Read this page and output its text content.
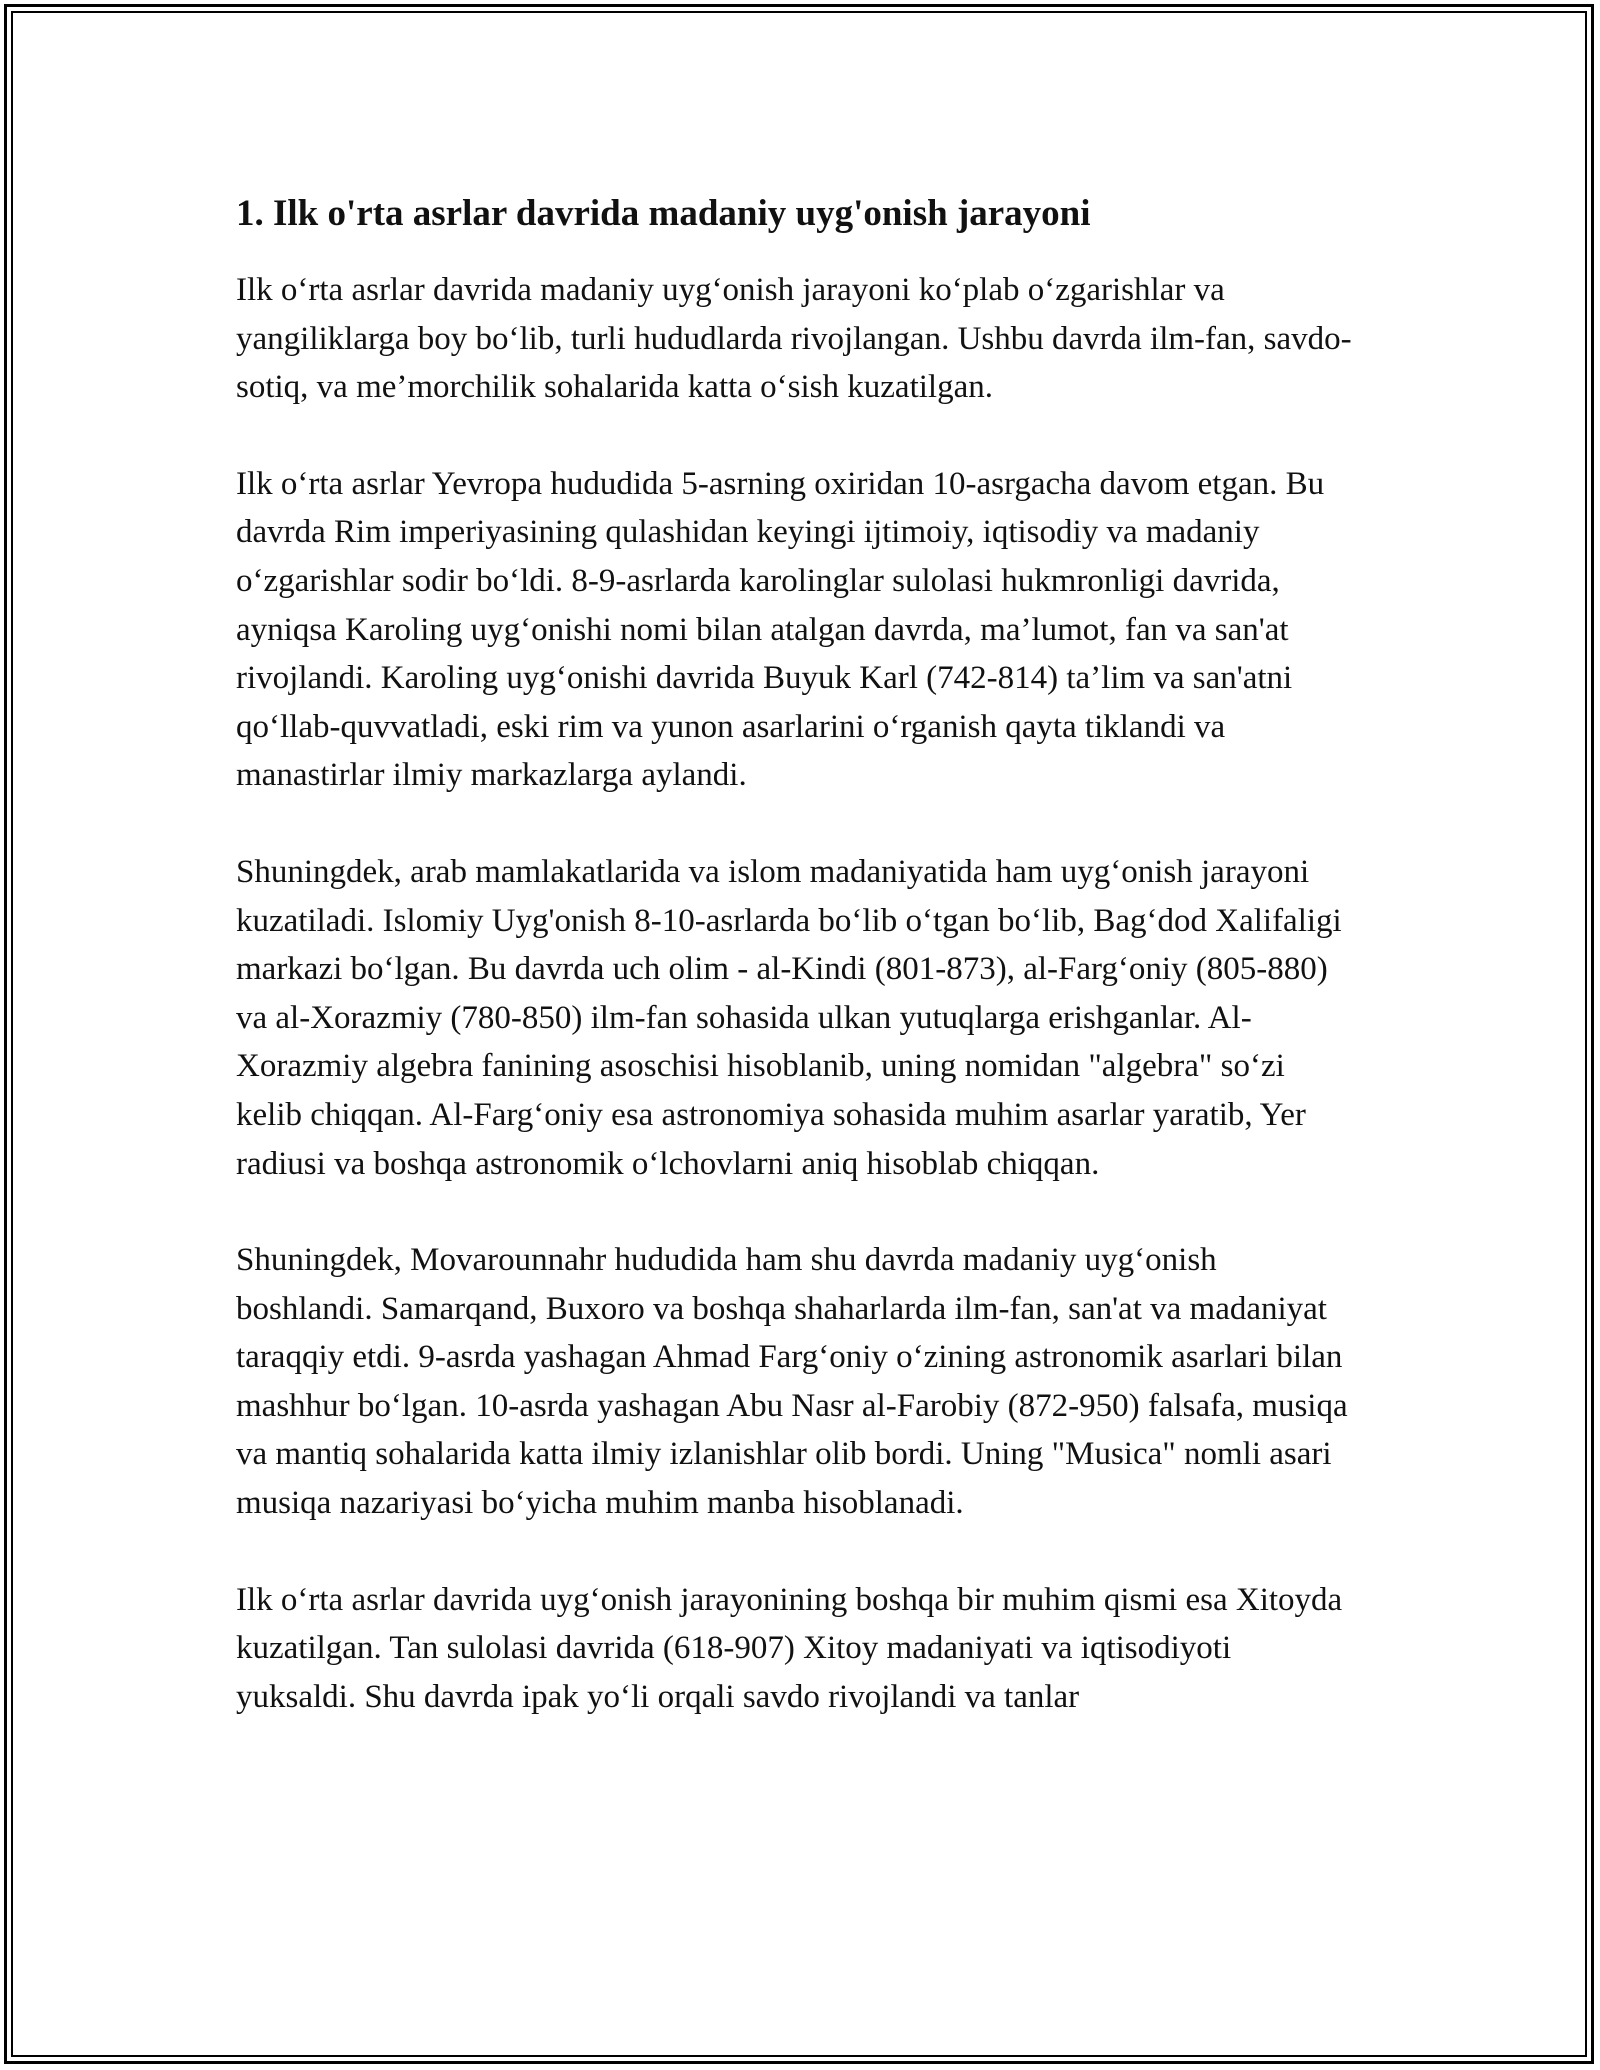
1. Ilk o'rta asrlar davrida madaniy uyg'onish jarayoni

Ilk o‘rta asrlar davrida madaniy uyg‘onish jarayoni ko‘plab o‘zgarishlar va yangiliklarga boy bo‘lib, turli hududlarda rivojlangan. Ushbu davrda ilm-fan, savdo-sotiq, va me’morchilik sohalarida katta o‘sish kuzatilgan.

Ilk o‘rta asrlar Yevropa hududida 5-asrning oxiridan 10-asrgacha davom etgan. Bu davrda Rim imperiyasining qulashidan keyingi ijtimoiy, iqtisodiy va madaniy o‘zgarishlar sodir bo‘ldi. 8-9-asrlarda karolinglar sulolasi hukmronligi davrida, ayniqsa Karoling uyg‘onishi nomi bilan atalgan davrda, ma’lumot, fan va san'at rivojlandi. Karoling uyg‘onishi davrida Buyuk Karl (742-814) ta’lim va san'atni qo‘llab-quvvatladi, eski rim va yunon asarlarini o‘rganish qayta tiklandi va manastirlar ilmiy markazlarga aylandi.

Shuningdek, arab mamlakatlarida va islom madaniyatida ham uyg‘onish jarayoni kuzatiladi. Islomiy Uyg'onish 8-10-asrlarda bo‘lib o‘tgan bo‘lib, Bag‘dod Xalifaligi markazi bo‘lgan. Bu davrda uch olim - al-Kindi (801-873), al-Farg‘oniy (805-880) va al-Xorazmiy (780-850) ilm-fan sohasida ulkan yutuqlarga erishganlar. Al-Xorazmiy algebra fanining asoschisi hisoblanib, uning nomidan "algebra" so‘zi kelib chiqqan. Al-Farg‘oniy esa astronomiya sohasida muhim asarlar yaratib, Yer radiusi va boshqa astronomik o‘lchovlarni aniq hisoblab chiqqan.

Shuningdek, Movarounnahr hududida ham shu davrda madaniy uyg‘onish boshlandi. Samarqand, Buxoro va boshqa shaharlarda ilm-fan, san'at va madaniyat taraqqiy etdi. 9-asrda yashagan Ahmad Farg‘oniy o‘zining astronomik asarlari bilan mashhur bo‘lgan. 10-asrda yashagan Abu Nasr al-Farobiy (872-950) falsafa, musiqa va mantiq sohalarida katta ilmiy izlanishlar olib bordi. Uning "Musica" nomli asari musiqa nazariyasi bo‘yicha muhim manba hisoblanadi.

Ilk o‘rta asrlar davrida uyg‘onish jarayonining boshqa bir muhim qismi esa Xitoyda kuzatilgan. Tan sulolasi davrida (618-907) Xitoy madaniyati va iqtisodiyoti yuksaldi. Shu davrda ipak yo‘li orqali savdo rivojlandi va tanlar
